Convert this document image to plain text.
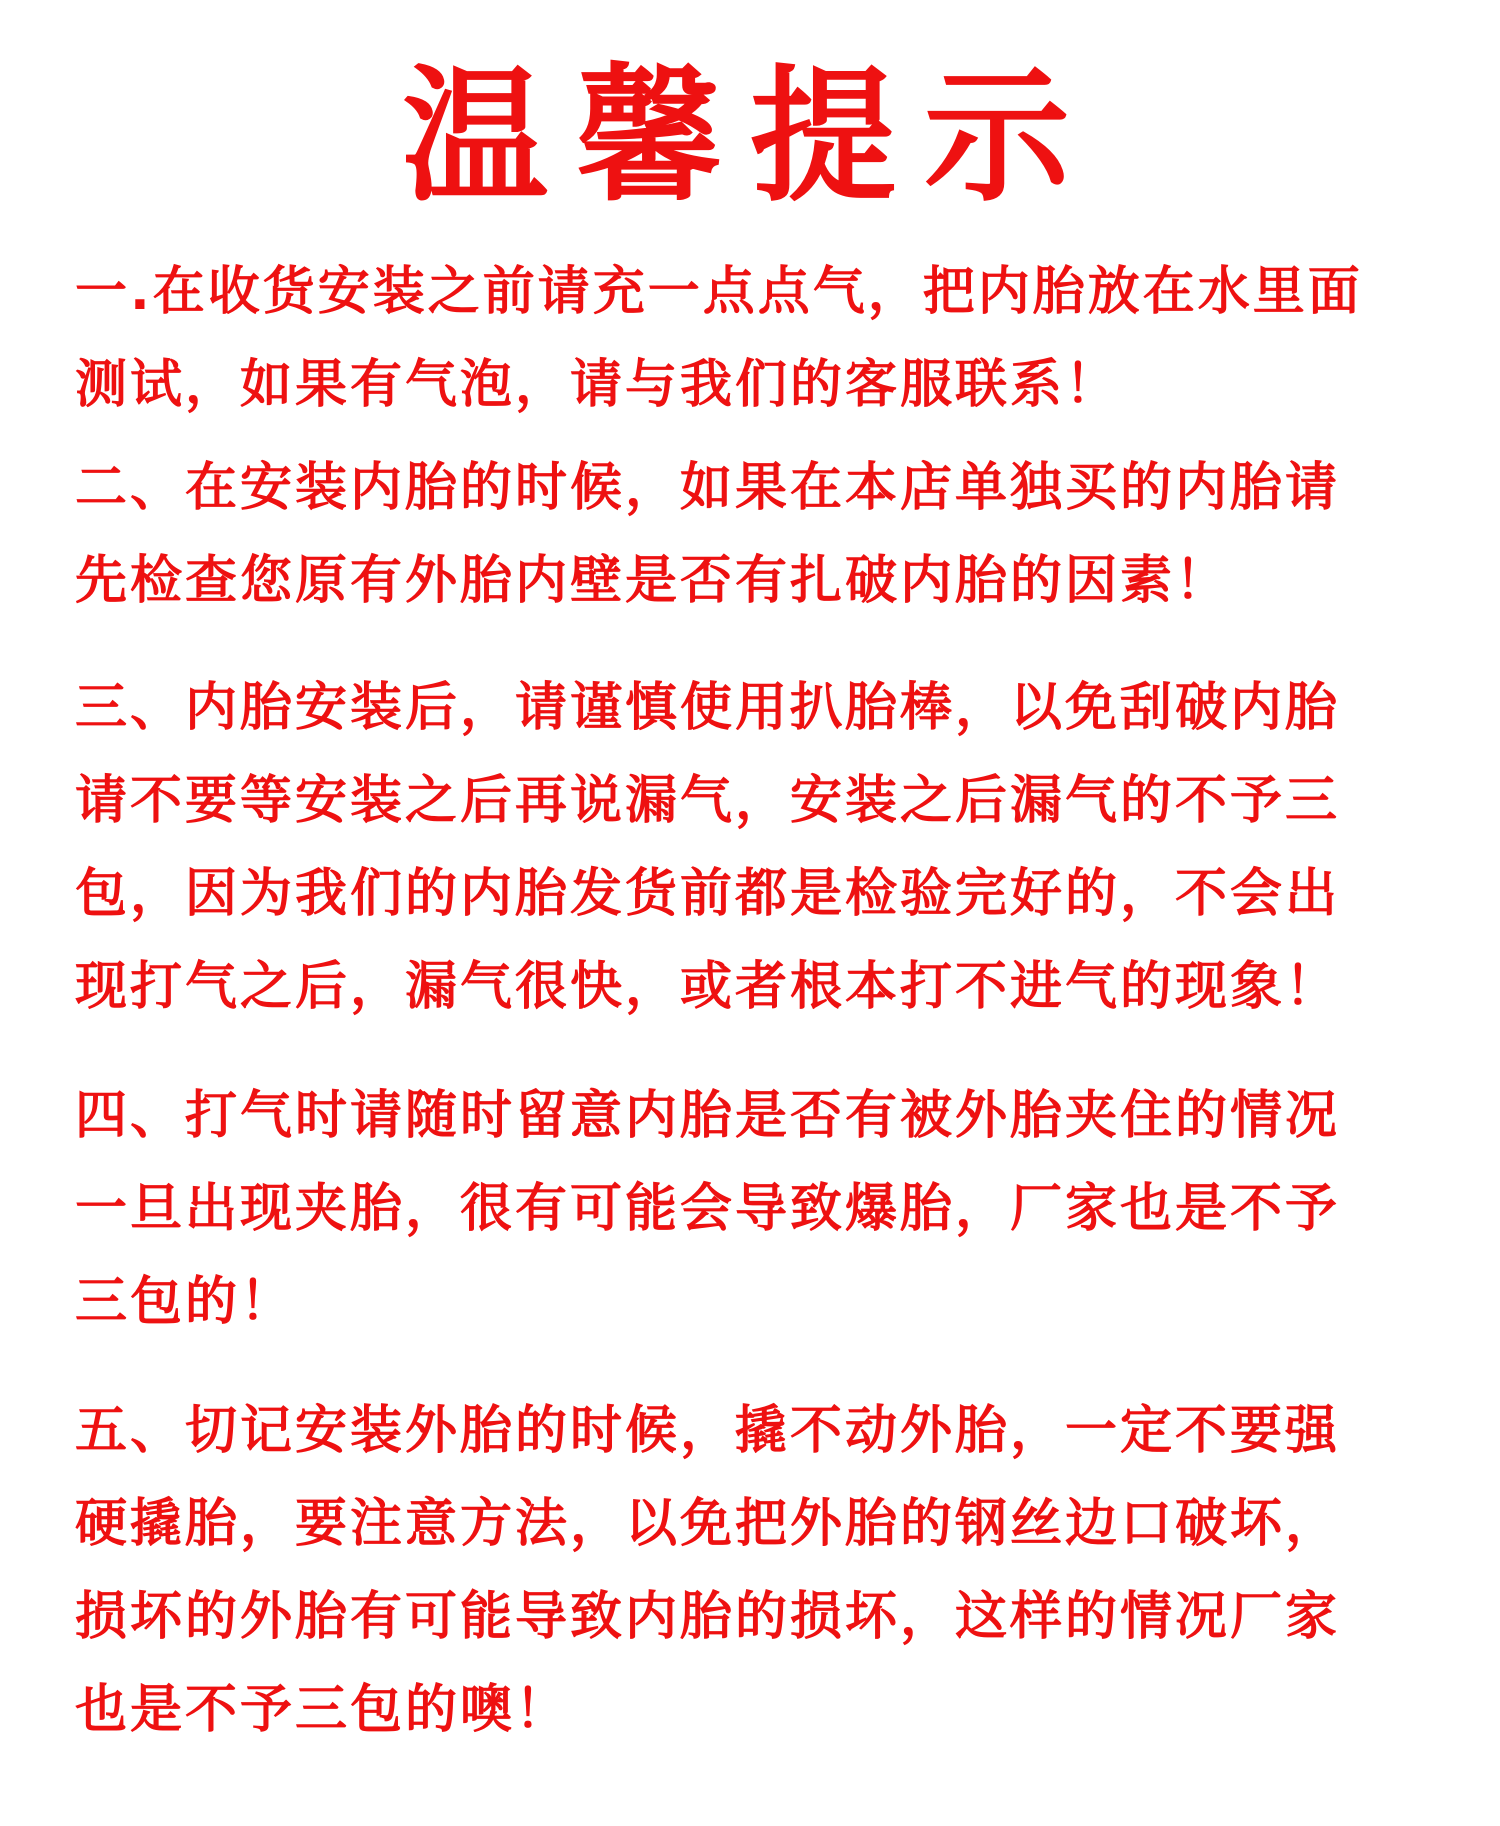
温馨提示
一.在收货安装之前请充一点点气，把内胎放在水里面
测试，如果有气泡，请与我们的客服联系！
二、在安装内胎的时候，如果在本店单独买的内胎请
先检查您原有外胎内壁是否有扎破内胎的因素！
三、内胎安装后，请谨慎使用扒胎棒，以免刮破内胎
请不要等安装之后再说漏气，安装之后漏气的不予三
包，因为我们的内胎发货前都是检验完好的，不会出
现打气之后，漏气很快，或者根本打不进气的现象！
四、打气时请随时留意内胎是否有被外胎夹住的情况
一旦出现夹胎，很有可能会导致爆胎，厂家也是不予
三包的！
五、切记安装外胎的时候，撬不动外胎，一定不要强
硬撬胎，要注意方法，以免把外胎的钢丝边口破坏，
损坏的外胎有可能导致内胎的损坏，这样的情况厂家
也是不予三包的噢！
